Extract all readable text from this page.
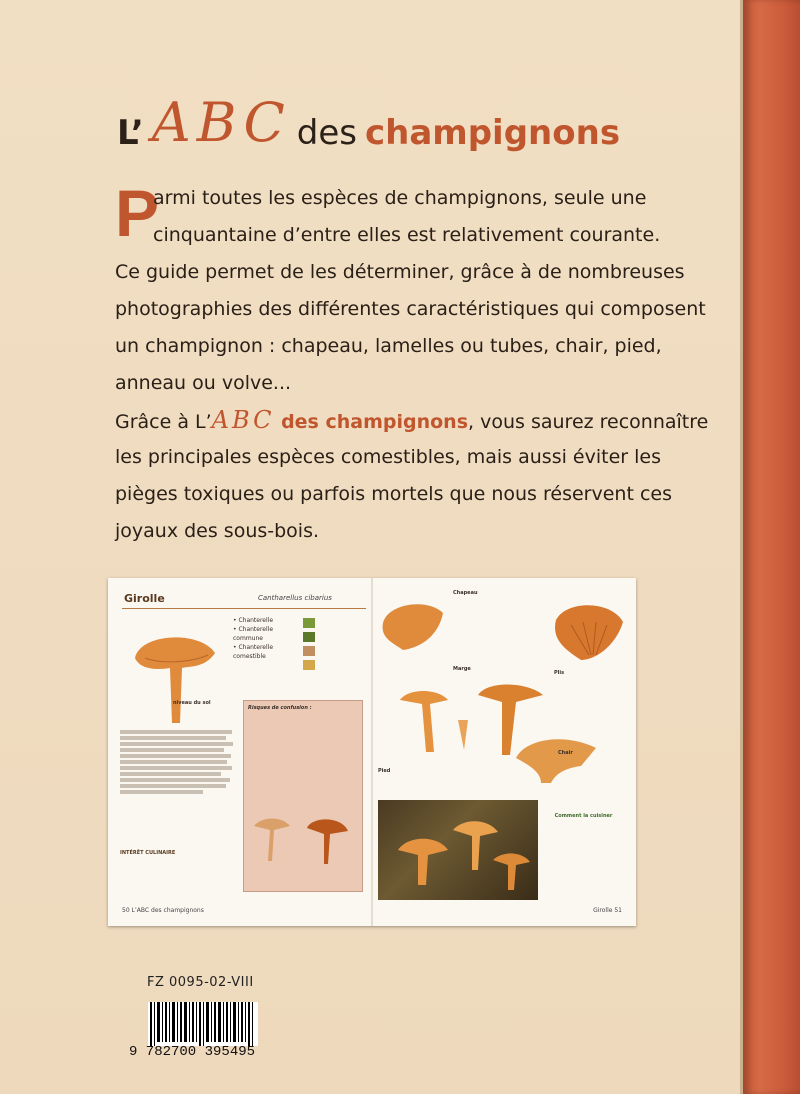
L’ ABC des champignons
P
armi toutes les espèces de champignons, seule une
cinquantaine d’entre elles est relativement courante.
Ce guide permet de les déterminer, grâce à de nombreuses
photographies des différentes caractéristiques qui composent
un champignon : chapeau, lamelles ou tubes, chair, pied,
anneau ou volve...
Grâce à L’ABC des champignons, vous saurez reconnaître
les principales espèces comestibles, mais aussi éviter les
pièges toxiques ou parfois mortels que nous réservent ces
joyaux des sous-bois.
Girolle	Cantharellus cibarius
• Chanterelle
• Chanterelle commune
• Chanterelle comestible
niveau du sol
INTÉRÊT CULINAIRE
Risques de confusion :
50 L’ABC des champignons
Chapeau
Plis
Marge
Pied
Chair
Comment la cuisiner
Girolle 51
FZ 0095-02-VIII
9 782700 395495
